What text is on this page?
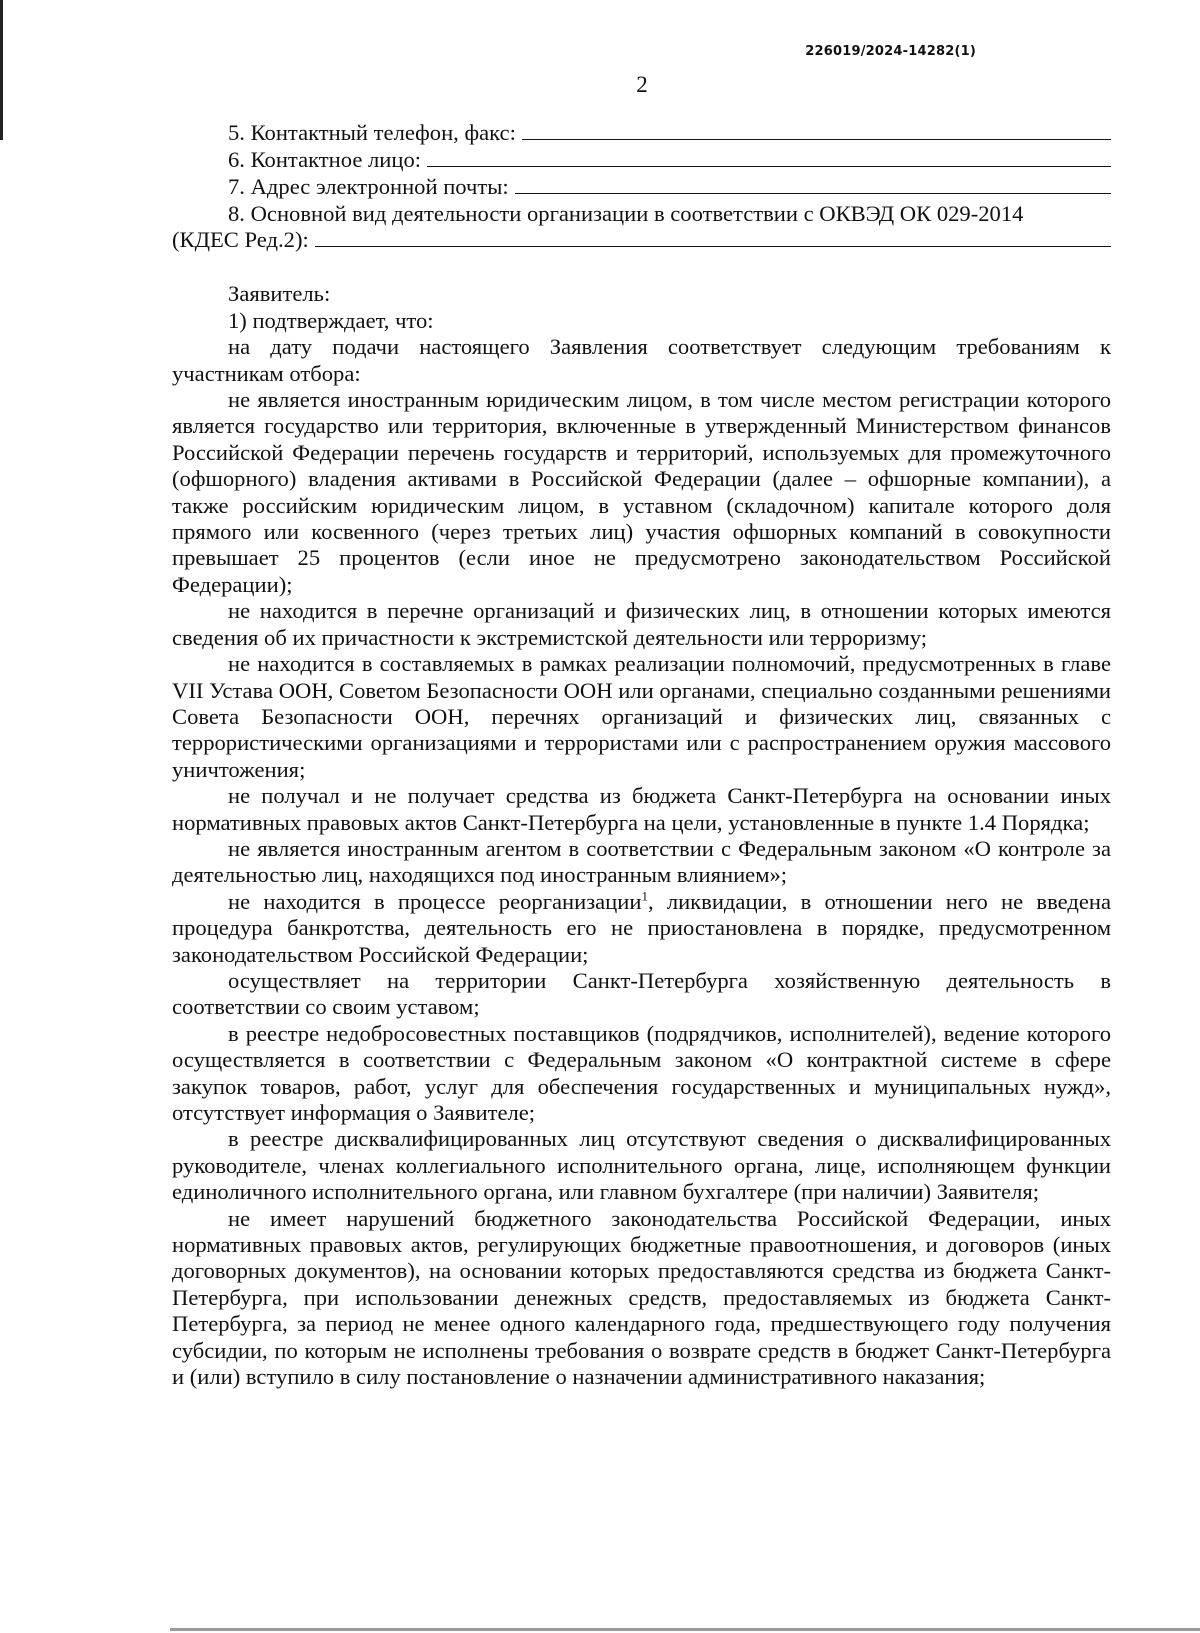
226019/2024-14282(1)
2
5. Контактный телефон, факс:
6. Контактное лицо:
7. Адрес электронной почты:

8. Основной вид деятельности организации в соответствии с ОКВЭД ОК 029-2014

(КДЕС Ред.2):

Заявитель:

1) подтверждает, что:

на дату подачи настоящего Заявления соответствует следующим требованиям к участникам отбора:

не является иностранным юридическим лицом, в том числе местом регистрации которого является государство или территория, включенные в утвержденный Министерством финансов Российской Федерации перечень государств и территорий, используемых для промежуточного (офшорного) владения активами в Российской Федерации (далее – офшорные компании), а также российским юридическим лицом, в уставном (складочном) капитале которого доля прямого или косвенного (через третьих лиц) участия офшорных компаний в совокупности превышает 25 процентов (если иное не предусмотрено законодательством Российской Федерации);

не находится в перечне организаций и физических лиц, в отношении которых имеются сведения об их причастности к экстремистской деятельности или терроризму;

не находится в составляемых в рамках реализации полномочий, предусмотренных в главе VII Устава ООН, Советом Безопасности ООН или органами, специально созданными решениями Совета Безопасности ООН, перечнях организаций и физических лиц, связанных с террористическими организациями и террористами или с распространением оружия массового уничтожения;

не получал и не получает средства из бюджета Санкт-Петербурга на основании иных нормативных правовых актов Санкт-Петербурга на цели, установленные в пункте 1.4 Порядка;

не является иностранным агентом в соответствии с Федеральным законом «О контроле за деятельностью лиц, находящихся под иностранным влиянием»;

не находится в процессе реорганизации$^1$, ликвидации, в отношении него не введена процедура банкротства, деятельность его не приостановлена в порядке, предусмотренном законодательством Российской Федерации;

осуществляет на территории Санкт-Петербурга хозяйственную деятельность в соответствии со своим уставом;

в реестре недобросовестных поставщиков (подрядчиков, исполнителей), ведение которого осуществляется в соответствии с Федеральным законом «О контрактной системе в сфере закупок товаров, работ, услуг для обеспечения государственных и муниципальных нужд», отсутствует информация о Заявителе;

в реестре дисквалифицированных лиц отсутствуют сведения о дисквалифицированных руководителе, членах коллегиального исполнительного органа, лице, исполняющем функции единоличного исполнительного органа, или главном бухгалтере (при наличии) Заявителя;

не имеет нарушений бюджетного законодательства Российской Федерации, иных нормативных правовых актов, регулирующих бюджетные правоотношения, и договоров (иных договорных документов), на основании которых предоставляются средства из бюджета Санкт-Петербурга, при использовании денежных средств, предоставляемых из бюджета Санкт-Петербурга, за период не менее одного календарного года, предшествующего году получения субсидии, по которым не исполнены требования о возврате средств в бюджет Санкт-Петербурга и (или) вступило в силу постановление о назначении административного наказания;
